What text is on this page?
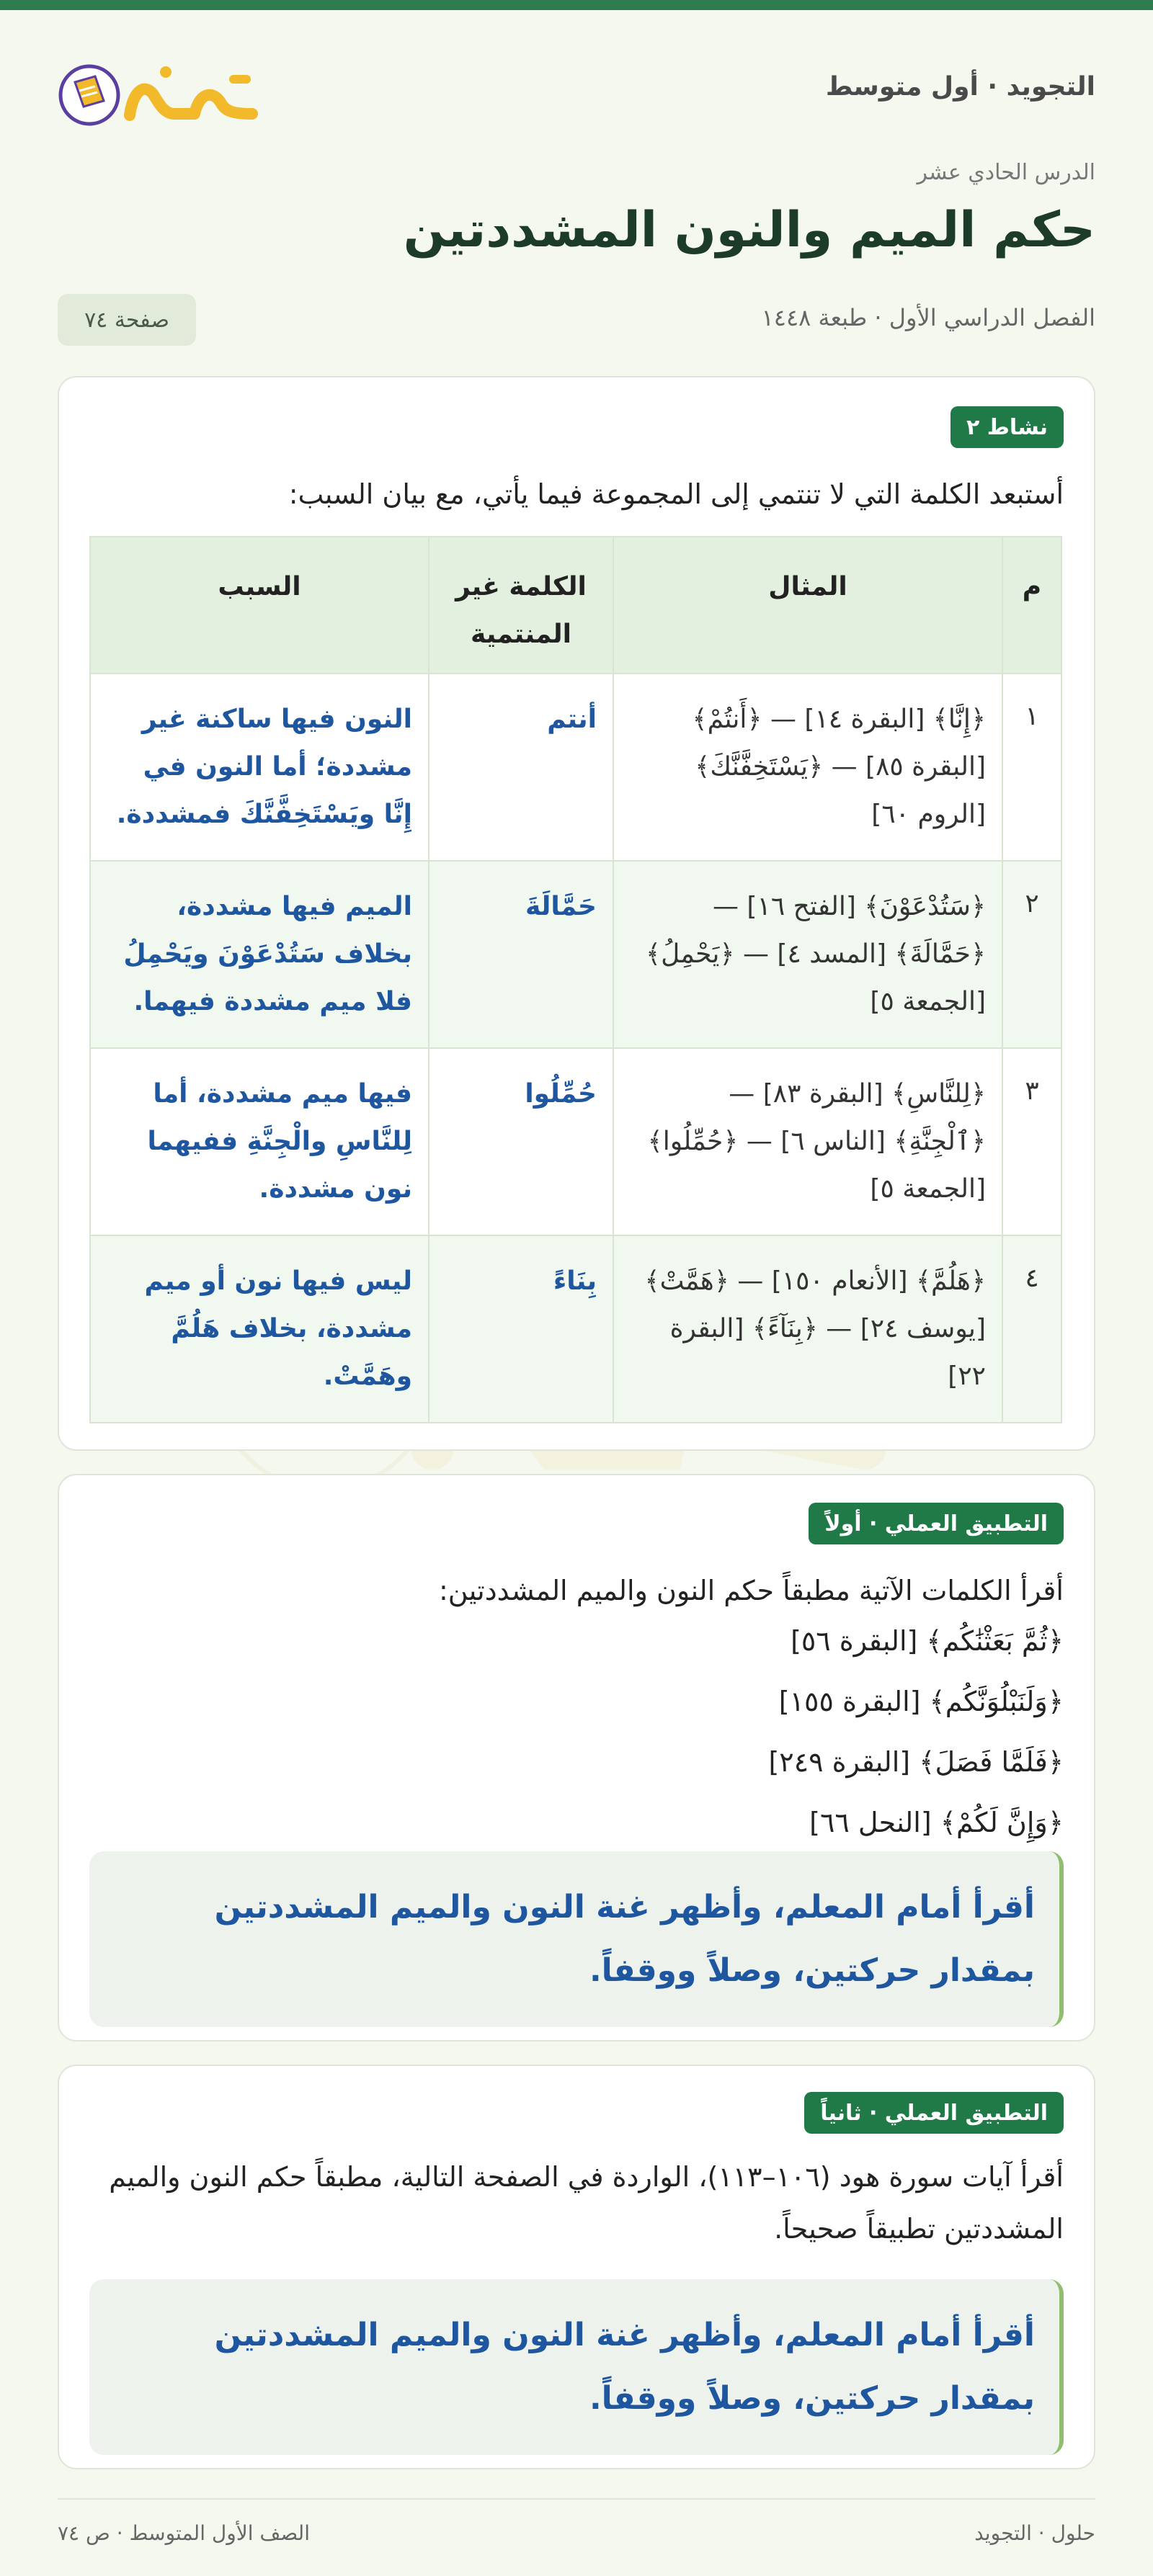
التجويد · أول متوسط
الدرس الحادي عشر
حكم الميم والنون المشددتين
الفصل الدراسي الأول · طبعة ١٤٤٨
صفحة ٧٤
نشاط ٢
أستبعد الكلمة التي لا تنتمي إلى المجموعة فيما يأتي، مع بيان السبب:
م	المثال	الكلمة غير المنتمية	السبب
١	﴿إِنَّا﴾ [البقرة ١٤] — ﴿أَنتُمْ﴾ [البقرة ٨٥] — ﴿يَسْتَخِفَّنَّكَ﴾ [الروم ٦٠]	أنتم	النون فيها ساكنة غير مشددة؛ أما النون في إِنَّا ويَسْتَخِفَّنَّكَ فمشددة.
٢	﴿سَتُدْعَوْنَ﴾ [الفتح ١٦] — ﴿حَمَّالَةَ﴾ [المسد ٤] — ﴿يَحْمِلُ﴾ [الجمعة ٥]	حَمَّالَةَ	الميم فيها مشددة، بخلاف سَتُدْعَوْنَ ويَحْمِلُ فلا ميم مشددة فيهما.
٣	﴿لِلنَّاسِ﴾ [البقرة ٨٣] — ﴿ٱلْجِنَّةِ﴾ [الناس ٦] — ﴿حُمِّلُوا﴾ [الجمعة ٥]	حُمِّلُوا	فيها ميم مشددة، أما لِلنَّاسِ والْجِنَّةِ ففيهما نون مشددة.
٤	﴿هَلُمَّ﴾ [الأنعام ١٥٠] — ﴿هَمَّتْ﴾ [يوسف ٢٤] — ﴿بِنَآءً﴾ [البقرة ٢٢]	بِنَاءً	ليس فيها نون أو ميم مشددة، بخلاف هَلُمَّ وهَمَّتْ.
التطبيق العملي · أولاً
أقرأ الكلمات الآتية مطبقاً حكم النون والميم المشددتين:
﴿ثُمَّ بَعَثْنَٰكُم﴾ [البقرة ٥٦]
﴿وَلَنَبْلُوَنَّكُم﴾ [البقرة ١٥٥]
﴿فَلَمَّا فَصَلَ﴾ [البقرة ٢٤٩]
﴿وَإِنَّ لَكُمْ﴾ [النحل ٦٦]
أقرأ أمام المعلم، وأظهر غنة النون والميم المشددتين بمقدار حركتين، وصلاً ووقفاً.
التطبيق العملي · ثانياً
أقرأ آيات سورة هود (١٠٦–١١٣)، الواردة في الصفحة التالية، مطبقاً حكم النون والميم المشددتين تطبيقاً صحيحاً.
أقرأ أمام المعلم، وأظهر غنة النون والميم المشددتين بمقدار حركتين، وصلاً ووقفاً.
حلول · التجويد
الصف الأول المتوسط · ص ٧٤
